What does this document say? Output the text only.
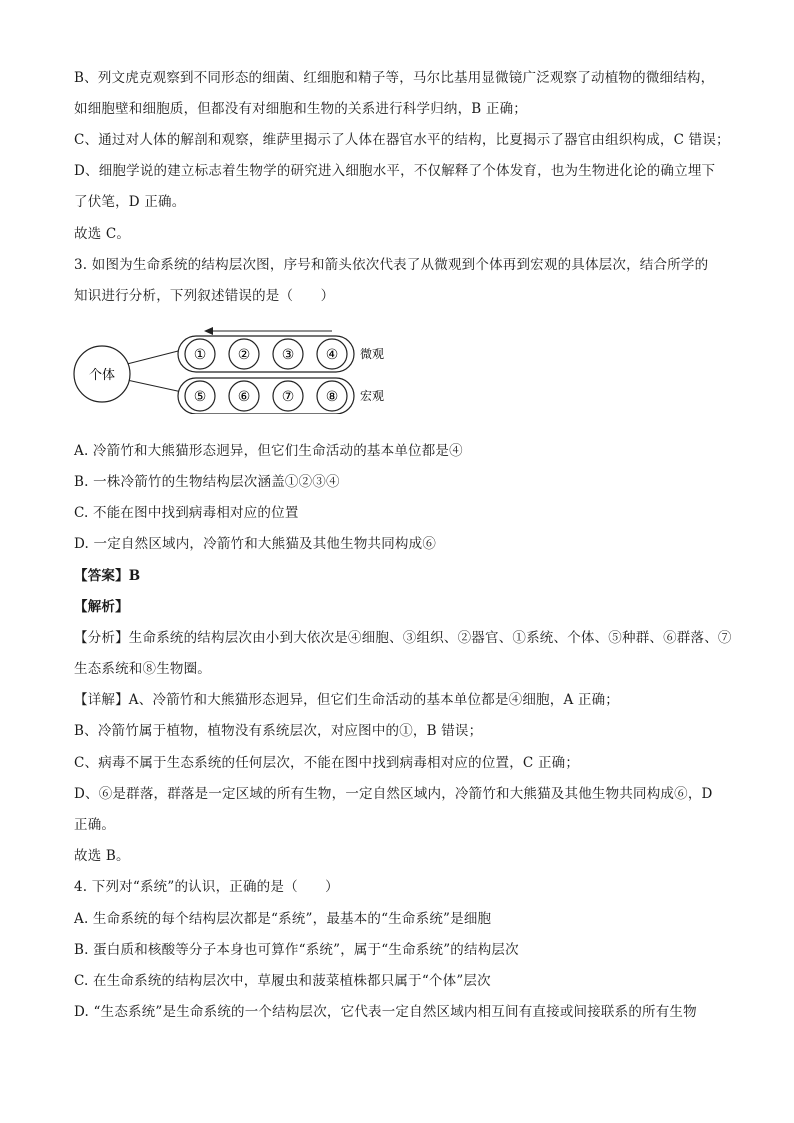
B、列文虎克观察到不同形态的细菌、红细胞和精子等，马尔比基用显微镜广泛观察了动植物的微细结构，
如细胞壁和细胞质，但都没有对细胞和生物的关系进行科学归纳，B 正确；
C、通过对人体的解剖和观察，维萨里揭示了人体在器官水平的结构，比夏揭示了器官由组织构成，C 错误；
D、细胞学说的建立标志着生物学的研究进入细胞水平，不仅解释了个体发育，也为生物进化论的确立埋下
了伏笔，D 正确。
故选 C。
3. 如图为生命系统的结构层次图，序号和箭头依次代表了从微观到个体再到宏观的具体层次，结合所学的
知识进行分析，下列叙述错误的是（　　）
个体
① ② ③ ④
⑤ ⑥ ⑦ ⑧
微观
宏观
A. 冷箭竹和大熊猫形态迥异，但它们生命活动的基本单位都是④
B. 一株冷箭竹的生物结构层次涵盖①②③④
C. 不能在图中找到病毒相对应的位置
D. 一定自然区域内，冷箭竹和大熊猫及其他生物共同构成⑥
【答案】B
【解析】
【分析】生命系统的结构层次由小到大依次是④细胞、③组织、②器官、①系统、个体、⑤种群、⑥群落、⑦
生态系统和⑧生物圈。
【详解】A、冷箭竹和大熊猫形态迥异，但它们生命活动的基本单位都是④细胞，A 正确；
B、冷箭竹属于植物，植物没有系统层次，对应图中的①，B 错误；
C、病毒不属于生态系统的任何层次，不能在图中找到病毒相对应的位置，C 正确；
D、⑥是群落，群落是一定区域的所有生物，一定自然区域内，冷箭竹和大熊猫及其他生物共同构成⑥，D
正确。
故选 B。
4. 下列对“系统”的认识，正确的是（　　）
A. 生命系统的每个结构层次都是“系统”，最基本的“生命系统”是细胞
B. 蛋白质和核酸等分子本身也可算作“系统”，属于“生命系统”的结构层次
C. 在生命系统的结构层次中，草履虫和菠菜植株都只属于“个体”层次
D. “生态系统”是生命系统的一个结构层次，它代表一定自然区域内相互间有直接或间接联系的所有生物
